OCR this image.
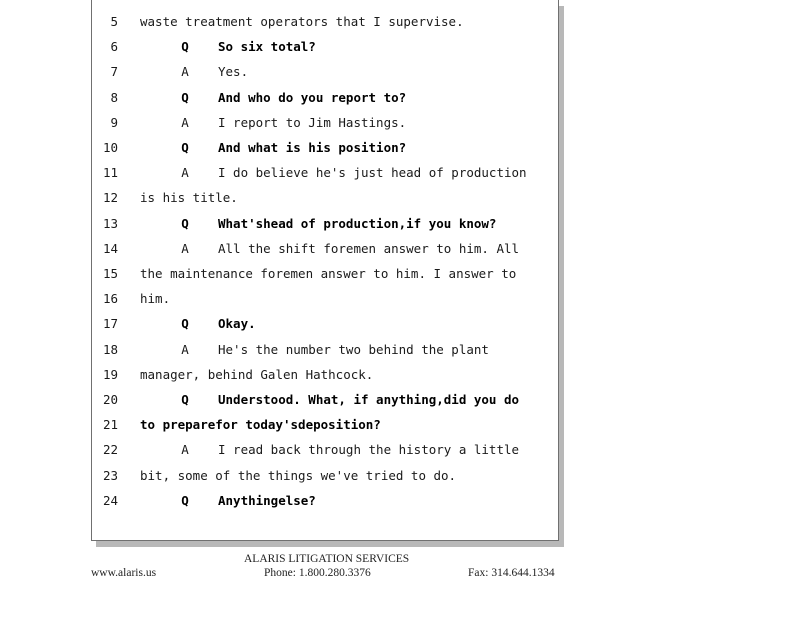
5 waste treatment operators that I supervise.
6	Q So six total?
7	A Yes.
8	Q And who do you report to?
9	A I report to Jim Hastings.
10	Q And what is his position?
11	A I do believe he's just head of production
12 is his title.
13	Q What'shead of production,if you know?
14	A All the shift foremen answer to him. All
15 the maintenance foremen answer to him. I answer to
16 him.
17	Q Okay.
18	A He's the number two behind the plant
19 manager, behind Galen Hathcock.
20	Q Understood. What, if anything,did you do
21 to preparefor today'sdeposition?
22	A I read back through the history a little
23 bit, some of the things we've tried to do.
24	Q Anythingelse?
ALARIS LITIGATION SERVICES
www.alaris.us	Phone: 1.800.280.3376	Fax: 314.644.1334
